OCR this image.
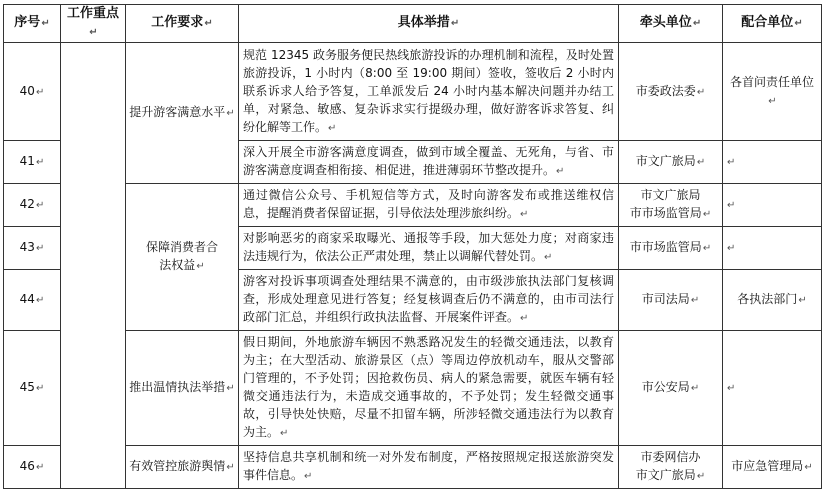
序号↵	工作重点↵	工作要求↵	具体举措↵	牵头单位↵	配合单位↵
40↵		提升游客满意水平↵	规范 12345 政务服务便民热线旅游投诉的办理机制和流程，及时处置旅游投诉，1 小时内（8:00 至 19:00 期间）签收，签收后 2 小时内联系诉求人给予答复，工单派发后 24 小时内基本解决问题并办结工单，对紧急、敏感、复杂诉求实行提级办理，做好游客诉求答复、纠纷化解等工作。↵	市委政法委↵	各首问责任单位↵
41↵			深入开展全市游客满意度调查，做到市域全覆盖、无死角，与省、市游客满意度调查相衔接、相促进，推进薄弱环节整改提升。↵	市文广旅局↵	↵
42↵		保障消费者合法权益↵	通过微信公众号、手机短信等方式，及时向游客发布或推送维权信息，提醒消费者保留证据，引导依法处理涉旅纠纷。↵	市文广旅局
市市场监管局↵	↵
43↵			对影响恶劣的商家采取曝光、通报等手段，加大惩处力度；对商家违法违规行为，依法公正严肃处理，禁止以调解代替处罚。↵	市市场监管局↵	↵
44↵			游客对投诉事项调查处理结果不满意的，由市级涉旅执法部门复核调查，形成处理意见进行答复；经复核调查后仍不满意的，由市司法行政部门汇总，并组织行政执法监督、开展案件评查。↵	市司法局↵	各执法部门↵
45↵		推出温情执法举措↵	假日期间，外地旅游车辆因不熟悉路况发生的轻微交通违法，以教育为主；在大型活动、旅游景区（点）等周边停放机动车，服从交警部门管理的，不予处罚；因抢救伤员、病人的紧急需要，就医车辆有轻微交通违法行为，未造成交通事故的，不予处罚；发生轻微交通事故，引导快处快赔，尽量不扣留车辆，所涉轻微交通违法行为以教育为主。↵	市公安局↵	↵
46↵		有效管控旅游舆情↵	坚持信息共享机制和统一对外发布制度，严格按照规定报送旅游突发事件信息。↵	市委网信办
市文广旅局↵	市应急管理局↵
